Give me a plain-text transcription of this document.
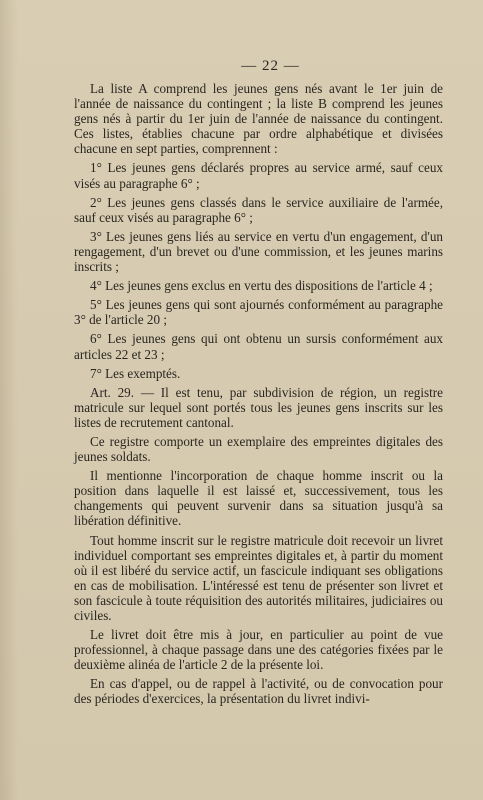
— 22 —

La liste A comprend les jeunes gens nés avant le 1er juin de l'année de naissance du contingent ; la liste B comprend les jeunes gens nés à partir du 1er juin de l'année de naissance du contingent. Ces listes, établies chacune par ordre alphabétique et divisées chacune en sept parties, comprennent :

1° Les jeunes gens déclarés propres au service armé, sauf ceux visés au paragraphe 6° ;

2° Les jeunes gens classés dans le service auxiliaire de l'armée, sauf ceux visés au paragraphe 6° ;

3° Les jeunes gens liés au service en vertu d'un engagement, d'un rengagement, d'un brevet ou d'une commission, et les jeunes marins inscrits ;

4° Les jeunes gens exclus en vertu des dispositions de l'article 4 ;

5° Les jeunes gens qui sont ajournés conformément au paragraphe 3° de l'article 20 ;

6° Les jeunes gens qui ont obtenu un sursis conformément aux articles 22 et 23 ;

7° Les exemptés.

Art. 29. — Il est tenu, par subdivision de région, un registre matricule sur lequel sont portés tous les jeunes gens inscrits sur les listes de recrutement cantonal.

Ce registre comporte un exemplaire des empreintes digitales des jeunes soldats.

Il mentionne l'incorporation de chaque homme inscrit ou la position dans laquelle il est laissé et, successivement, tous les changements qui peuvent survenir dans sa situation jusqu'à sa libération définitive.

Tout homme inscrit sur le registre matricule doit recevoir un livret individuel comportant ses empreintes digitales et, à partir du moment où il est libéré du service actif, un fascicule indiquant ses obligations en cas de mobilisation. L'intéressé est tenu de présenter son livret et son fascicule à toute réquisition des autorités militaires, judiciaires ou civiles.

Le livret doit être mis à jour, en particulier au point de vue professionnel, à chaque passage dans une des catégories fixées par le deuxième alinéa de l'article 2 de la présente loi.

En cas d'appel, ou de rappel à l'activité, ou de convocation pour des périodes d'exercices, la présentation du livret indivi-
